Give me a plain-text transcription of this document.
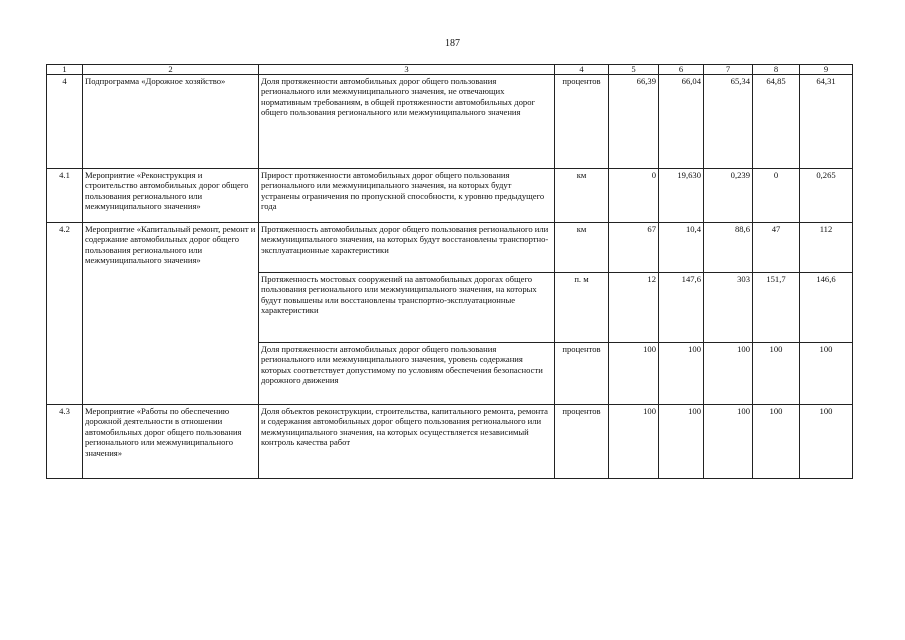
187
1	2	3	4	5	6	7	8	9
4	Подпрограмма «Дорожное хозяйство»	Доля протяженности автомобильных дорог общего пользования регионального или межмуниципального значения, не отвечающих нормативным требованиям, в общей протяженности автомобильных дорог общего пользования регионального или межмуниципального значения	процентов	66,39	66,04	65,34	64,85	64,31
4.1	Мероприятие «Реконструкция и строительство автомобильных дорог общего пользования регионального или межмуниципального значения»	Прирост протяженности автомобильных дорог общего пользования регионального или межмуниципального значения, на которых будут устранены ограничения по пропускной способности, к уровню предыдущего года	км	0	19,630	0,239	0	0,265
4.2	Мероприятие «Капитальный ремонт, ремонт и содержание автомобильных дорог общего пользования регионального или межмуниципального значения»	Протяженность автомобильных дорог общего пользования регионального или межмуниципального значения, на которых будут восстановлены транспортно-эксплуатационные характеристики	км	67	10,4	88,6	47	112
		Протяженность мостовых сооружений на автомобильных дорогах общего пользования регионального или межмуниципального значения, на которых будут повышены или восстановлены транспортно-эксплуатационные характеристики	п. м	12	147,6	303	151,7	146,6
		Доля протяженности автомобильных дорог общего пользования регионального или межмуниципального значения, уровень содержания которых соответствует допустимому по условиям обеспечения безопасности дорожного движения	процентов	100	100	100	100	100
4.3	Мероприятие «Работы по обеспечению дорожной деятельности в отношении автомобильных дорог общего пользования регионального или межмуниципального значения»	Доля объектов реконструкции, строительства, капитального ремонта, ремонта и содержания автомобильных дорог общего пользования регионального или межмуниципального значения, на которых осуществляется независимый контроль качества работ	процентов	100	100	100	100	100
